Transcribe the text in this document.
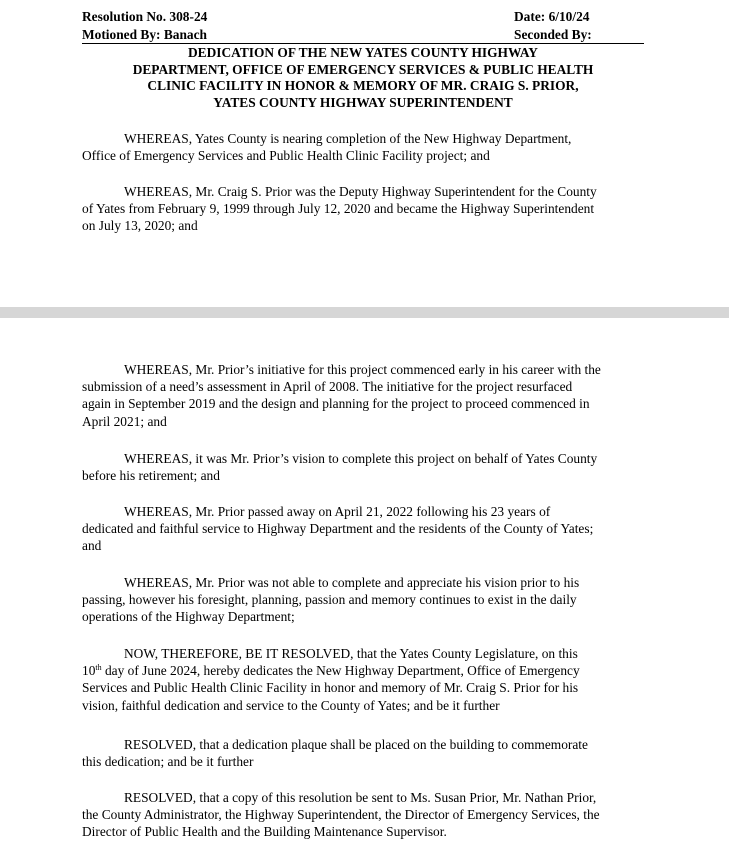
Resolution No. 308-24	Date: 6/10/24
Motioned By: Banach	Seconded By:
DEDICATION OF THE NEW YATES COUNTY HIGHWAY
DEPARTMENT, OFFICE OF EMERGENCY SERVICES & PUBLIC HEALTH
CLINIC FACILITY IN HONOR & MEMORY OF MR. CRAIG S. PRIOR,
YATES COUNTY HIGHWAY SUPERINTENDENT
WHEREAS, Yates County is nearing completion of the New Highway Department,
Office of Emergency Services and Public Health Clinic Facility project; and
WHEREAS, Mr. Craig S. Prior was the Deputy Highway Superintendent for the County
of Yates from February 9, 1999 through July 12, 2020 and became the Highway Superintendent
on July 13, 2020; and
WHEREAS, Mr. Prior’s initiative for this project commenced early in his career with the
submission of a need’s assessment in April of 2008. The initiative for the project resurfaced
again in September 2019 and the design and planning for the project to proceed commenced in
April 2021; and
WHEREAS, it was Mr. Prior’s vision to complete this project on behalf of Yates County
before his retirement; and
WHEREAS, Mr. Prior passed away on April 21, 2022 following his 23 years of
dedicated and faithful service to Highway Department and the residents of the County of Yates;
and
WHEREAS, Mr. Prior was not able to complete and appreciate his vision prior to his
passing, however his foresight, planning, passion and memory continues to exist in the daily
operations of the Highway Department;
NOW, THEREFORE, BE IT RESOLVED, that the Yates County Legislature, on this
10th day of June 2024, hereby dedicates the New Highway Department, Office of Emergency
Services and Public Health Clinic Facility in honor and memory of Mr. Craig S. Prior for his
vision, faithful dedication and service to the County of Yates; and be it further
RESOLVED, that a dedication plaque shall be placed on the building to commemorate
this dedication; and be it further
RESOLVED, that a copy of this resolution be sent to Ms. Susan Prior, Mr. Nathan Prior,
the County Administrator, the Highway Superintendent, the Director of Emergency Services, the
Director of Public Health and the Building Maintenance Supervisor.
